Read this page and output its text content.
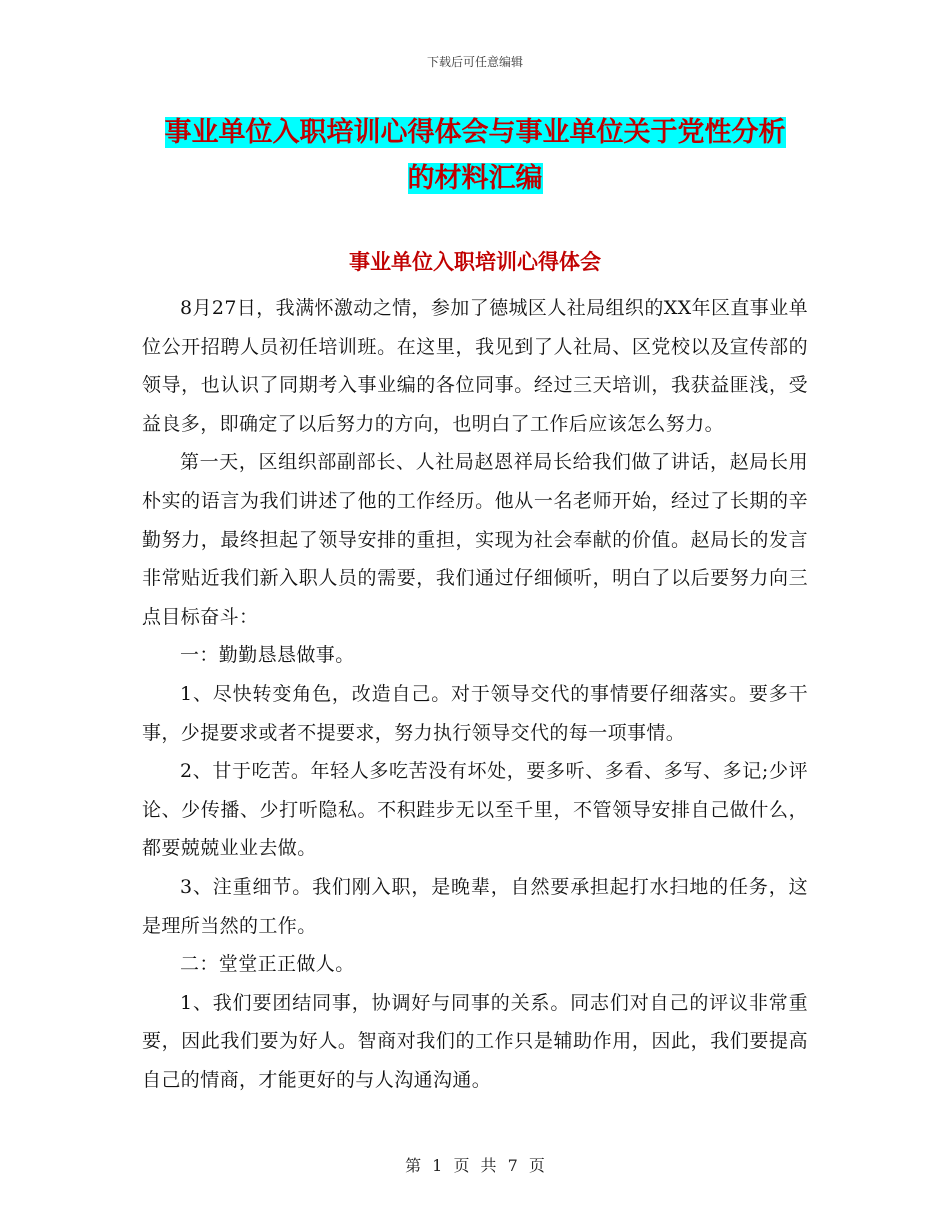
下载后可任意编辑
事业单位入职培训心得体会与事业单位关于党性分析
的材料汇编
事业单位入职培训心得体会

8月27日，我满怀激动之情，参加了德城区人社局组织的XX年区直事业单位公开招聘人员初任培训班。在这里，我见到了人社局、区党校以及宣传部的领导，也认识了同期考入事业编的各位同事。经过三天培训，我获益匪浅，受益良多，即确定了以后努力的方向，也明白了工作后应该怎么努力。

第一天，区组织部副部长、人社局赵恩祥局长给我们做了讲话，赵局长用朴实的语言为我们讲述了他的工作经历。他从一名老师开始，经过了长期的辛勤努力，最终担起了领导安排的重担，实现为社会奉献的价值。赵局长的发言非常贴近我们新入职人员的需要，我们通过仔细倾听，明白了以后要努力向三点目标奋斗：

一：勤勤恳恳做事。

1、尽快转变角色，改造自己。对于领导交代的事情要仔细落实。要多干事，少提要求或者不提要求，努力执行领导交代的每一项事情。

2、甘于吃苦。年轻人多吃苦没有坏处，要多听、多看、多写、多记;少评论、少传播、少打听隐私。不积跬步无以至千里，不管领导安排自己做什么，都要兢兢业业去做。

3、注重细节。我们刚入职，是晚辈，自然要承担起打水扫地的任务，这是理所当然的工作。

二：堂堂正正做人。

1、我们要团结同事，协调好与同事的关系。同志们对自己的评议非常重要，因此我们要为好人。智商对我们的工作只是辅助作用，因此，我们要提高自己的情商，才能更好的与人沟通沟通。

第 1 页 共 7 页
